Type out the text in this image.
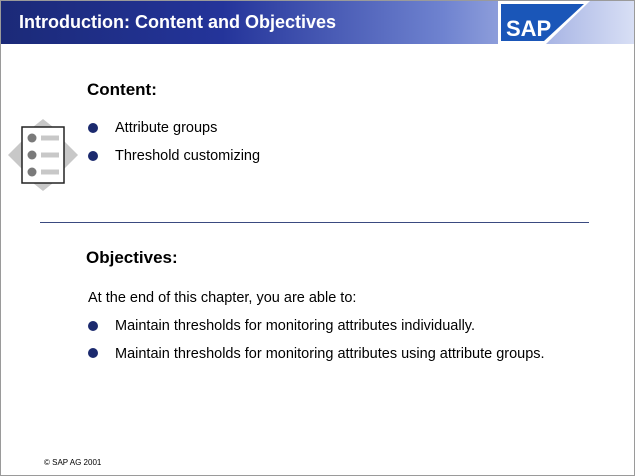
Introduction: Content and Objectives	SAP
Content:
Attribute groups
Threshold customizing
Objectives:
At the end of this chapter, you are able to:
Maintain thresholds for monitoring attributes individually.
Maintain thresholds for monitoring attributes using attribute groups.
© SAP AG 2001
